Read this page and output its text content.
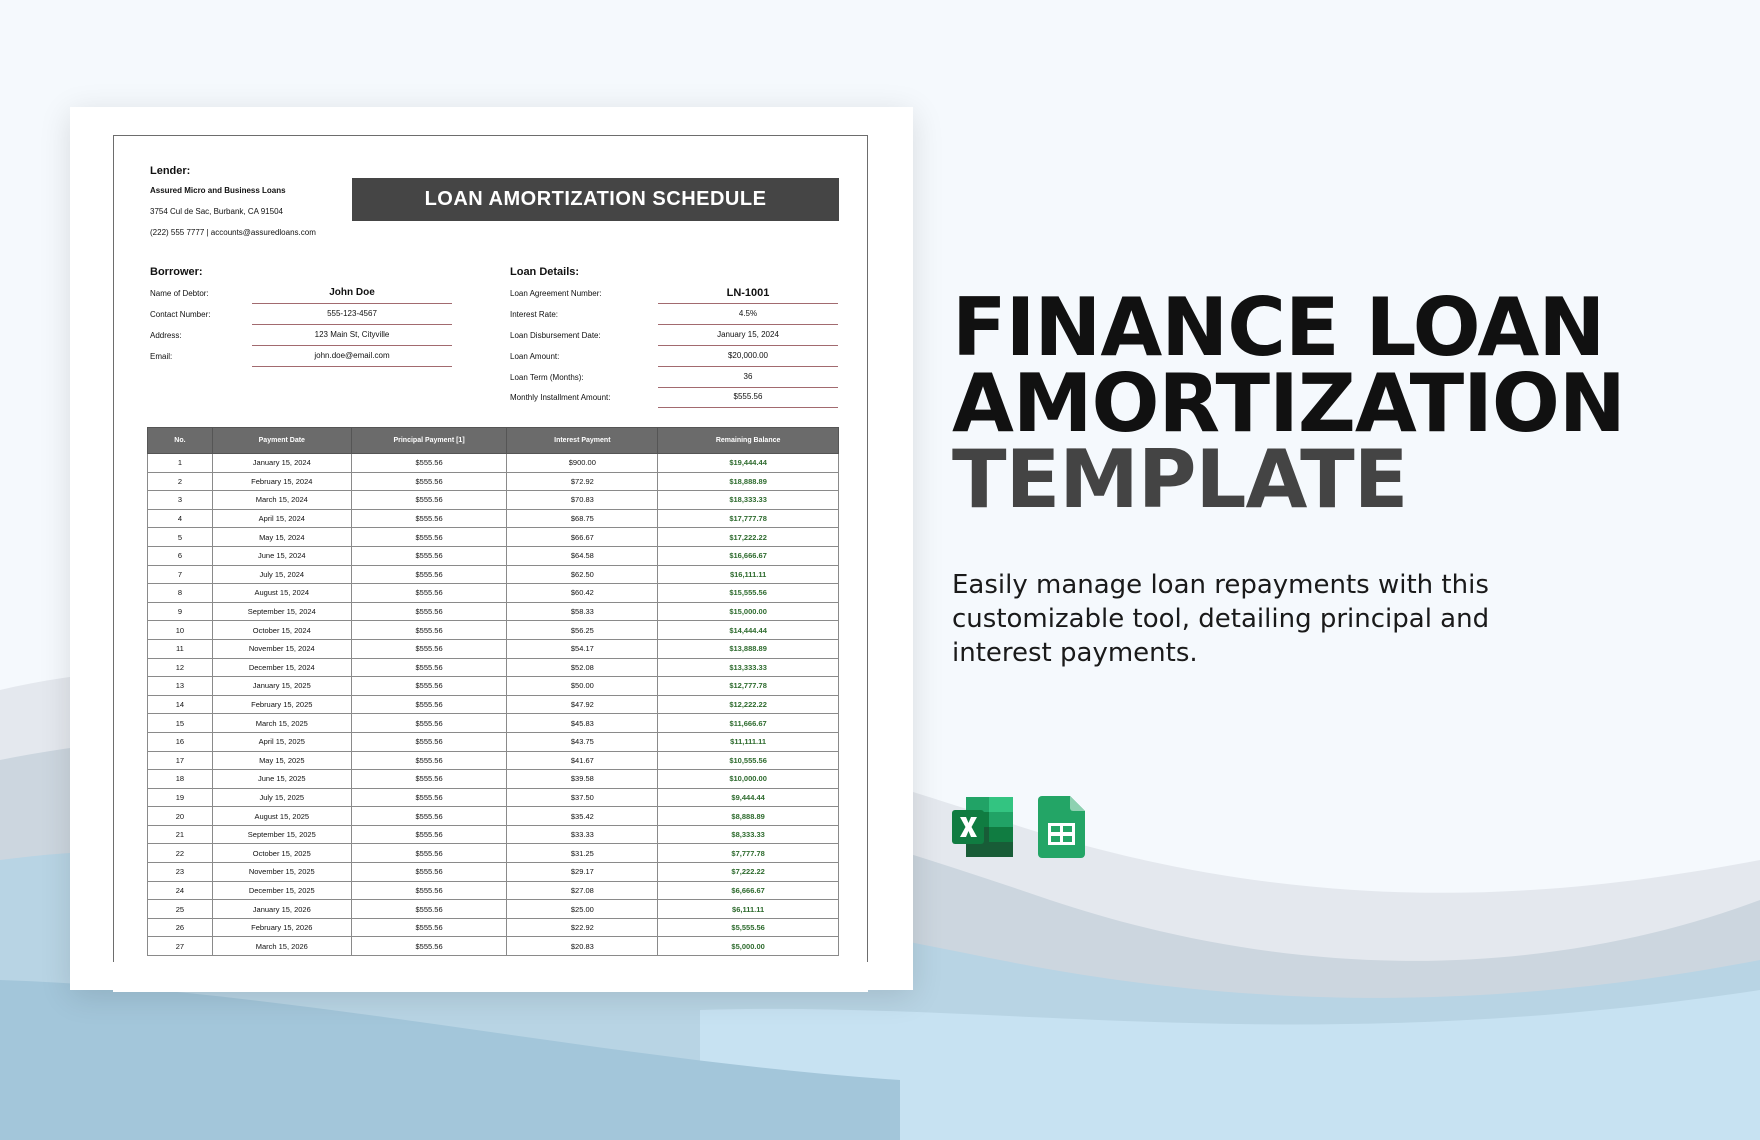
Lender:
Assured Micro and Business Loans
3754 Cul de Sac, Burbank, CA 91504
(222) 555 7777 | accounts@assuredloans.com
LOAN AMORTIZATION SCHEDULE
Borrower:
Name of Debtor:	John Doe
Contact Number:	555-123-4567
Address:	123 Main St, Cityville
Email:	john.doe@email.com
Loan Details:
Loan Agreement Number:	LN-1001
Interest Rate:	4.5%
Loan Disbursement Date:	January 15, 2024
Loan Amount:	$20,000.00
Loan Term (Months):	36
Monthly Installment Amount:	$555.56
No.	Payment Date	Principal Payment [1]	Interest Payment	Remaining Balance
1	January 15, 2024	$555.56	$900.00	$19,444.44
2	February 15, 2024	$555.56	$72.92	$18,888.89
3	March 15, 2024	$555.56	$70.83	$18,333.33
4	April 15, 2024	$555.56	$68.75	$17,777.78
5	May 15, 2024	$555.56	$66.67	$17,222.22
6	June 15, 2024	$555.56	$64.58	$16,666.67
7	July 15, 2024	$555.56	$62.50	$16,111.11
8	August 15, 2024	$555.56	$60.42	$15,555.56
9	September 15, 2024	$555.56	$58.33	$15,000.00
10	October 15, 2024	$555.56	$56.25	$14,444.44
11	November 15, 2024	$555.56	$54.17	$13,888.89
12	December 15, 2024	$555.56	$52.08	$13,333.33
13	January 15, 2025	$555.56	$50.00	$12,777.78
14	February 15, 2025	$555.56	$47.92	$12,222.22
15	March 15, 2025	$555.56	$45.83	$11,666.67
16	April 15, 2025	$555.56	$43.75	$11,111.11
17	May 15, 2025	$555.56	$41.67	$10,555.56
18	June 15, 2025	$555.56	$39.58	$10,000.00
19	July 15, 2025	$555.56	$37.50	$9,444.44
20	August 15, 2025	$555.56	$35.42	$8,888.89
21	September 15, 2025	$555.56	$33.33	$8,333.33
22	October 15, 2025	$555.56	$31.25	$7,777.78
23	November 15, 2025	$555.56	$29.17	$7,222.22
24	December 15, 2025	$555.56	$27.08	$6,666.67
25	January 15, 2026	$555.56	$25.00	$6,111.11
26	February 15, 2026	$555.56	$22.92	$5,555.56
27	March 15, 2026	$555.56	$20.83	$5,000.00
FINANCE LOAN
AMORTIZATION
TEMPLATE
Easily manage loan repayments with this customizable tool, detailing principal and interest payments.
